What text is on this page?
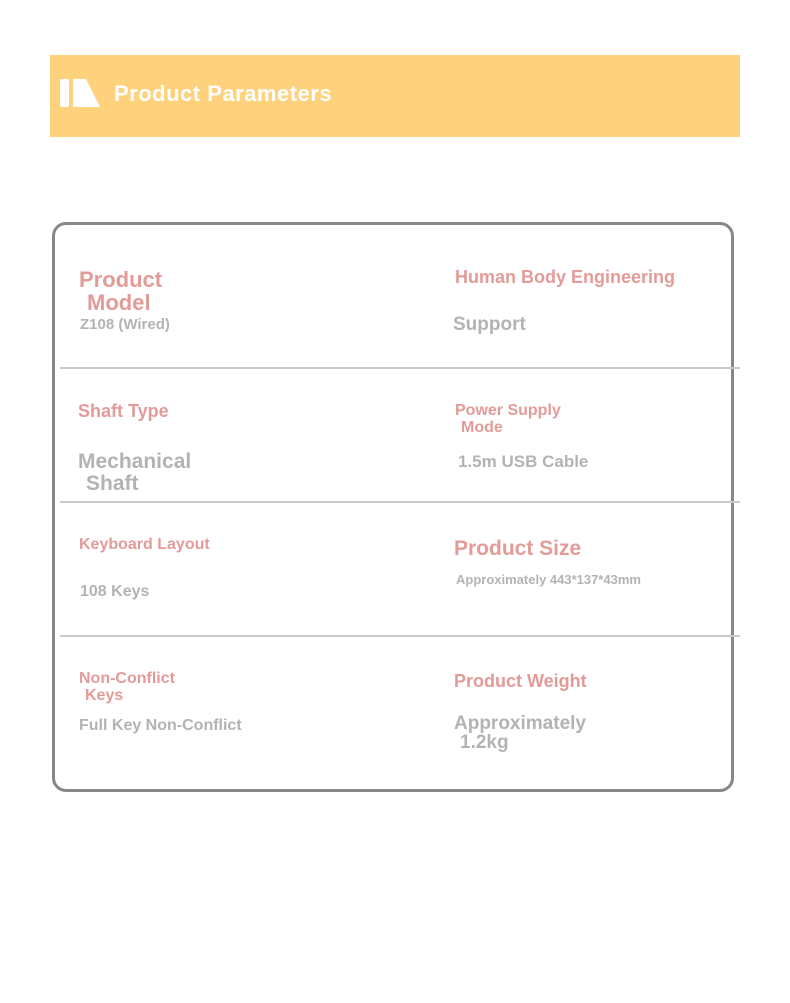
Product Parameters
Product
Model
Z108 (Wired)
Human Body Engineering
Support
Shaft Type
Mechanical
Shaft
Power Supply
Mode
1.5m USB Cable
Keyboard Layout
108 Keys
Product Size
Approximately 443*137*43mm
Non-Conflict
Keys
Full Key Non-Conflict
Product Weight
Approximately
1.2kg
